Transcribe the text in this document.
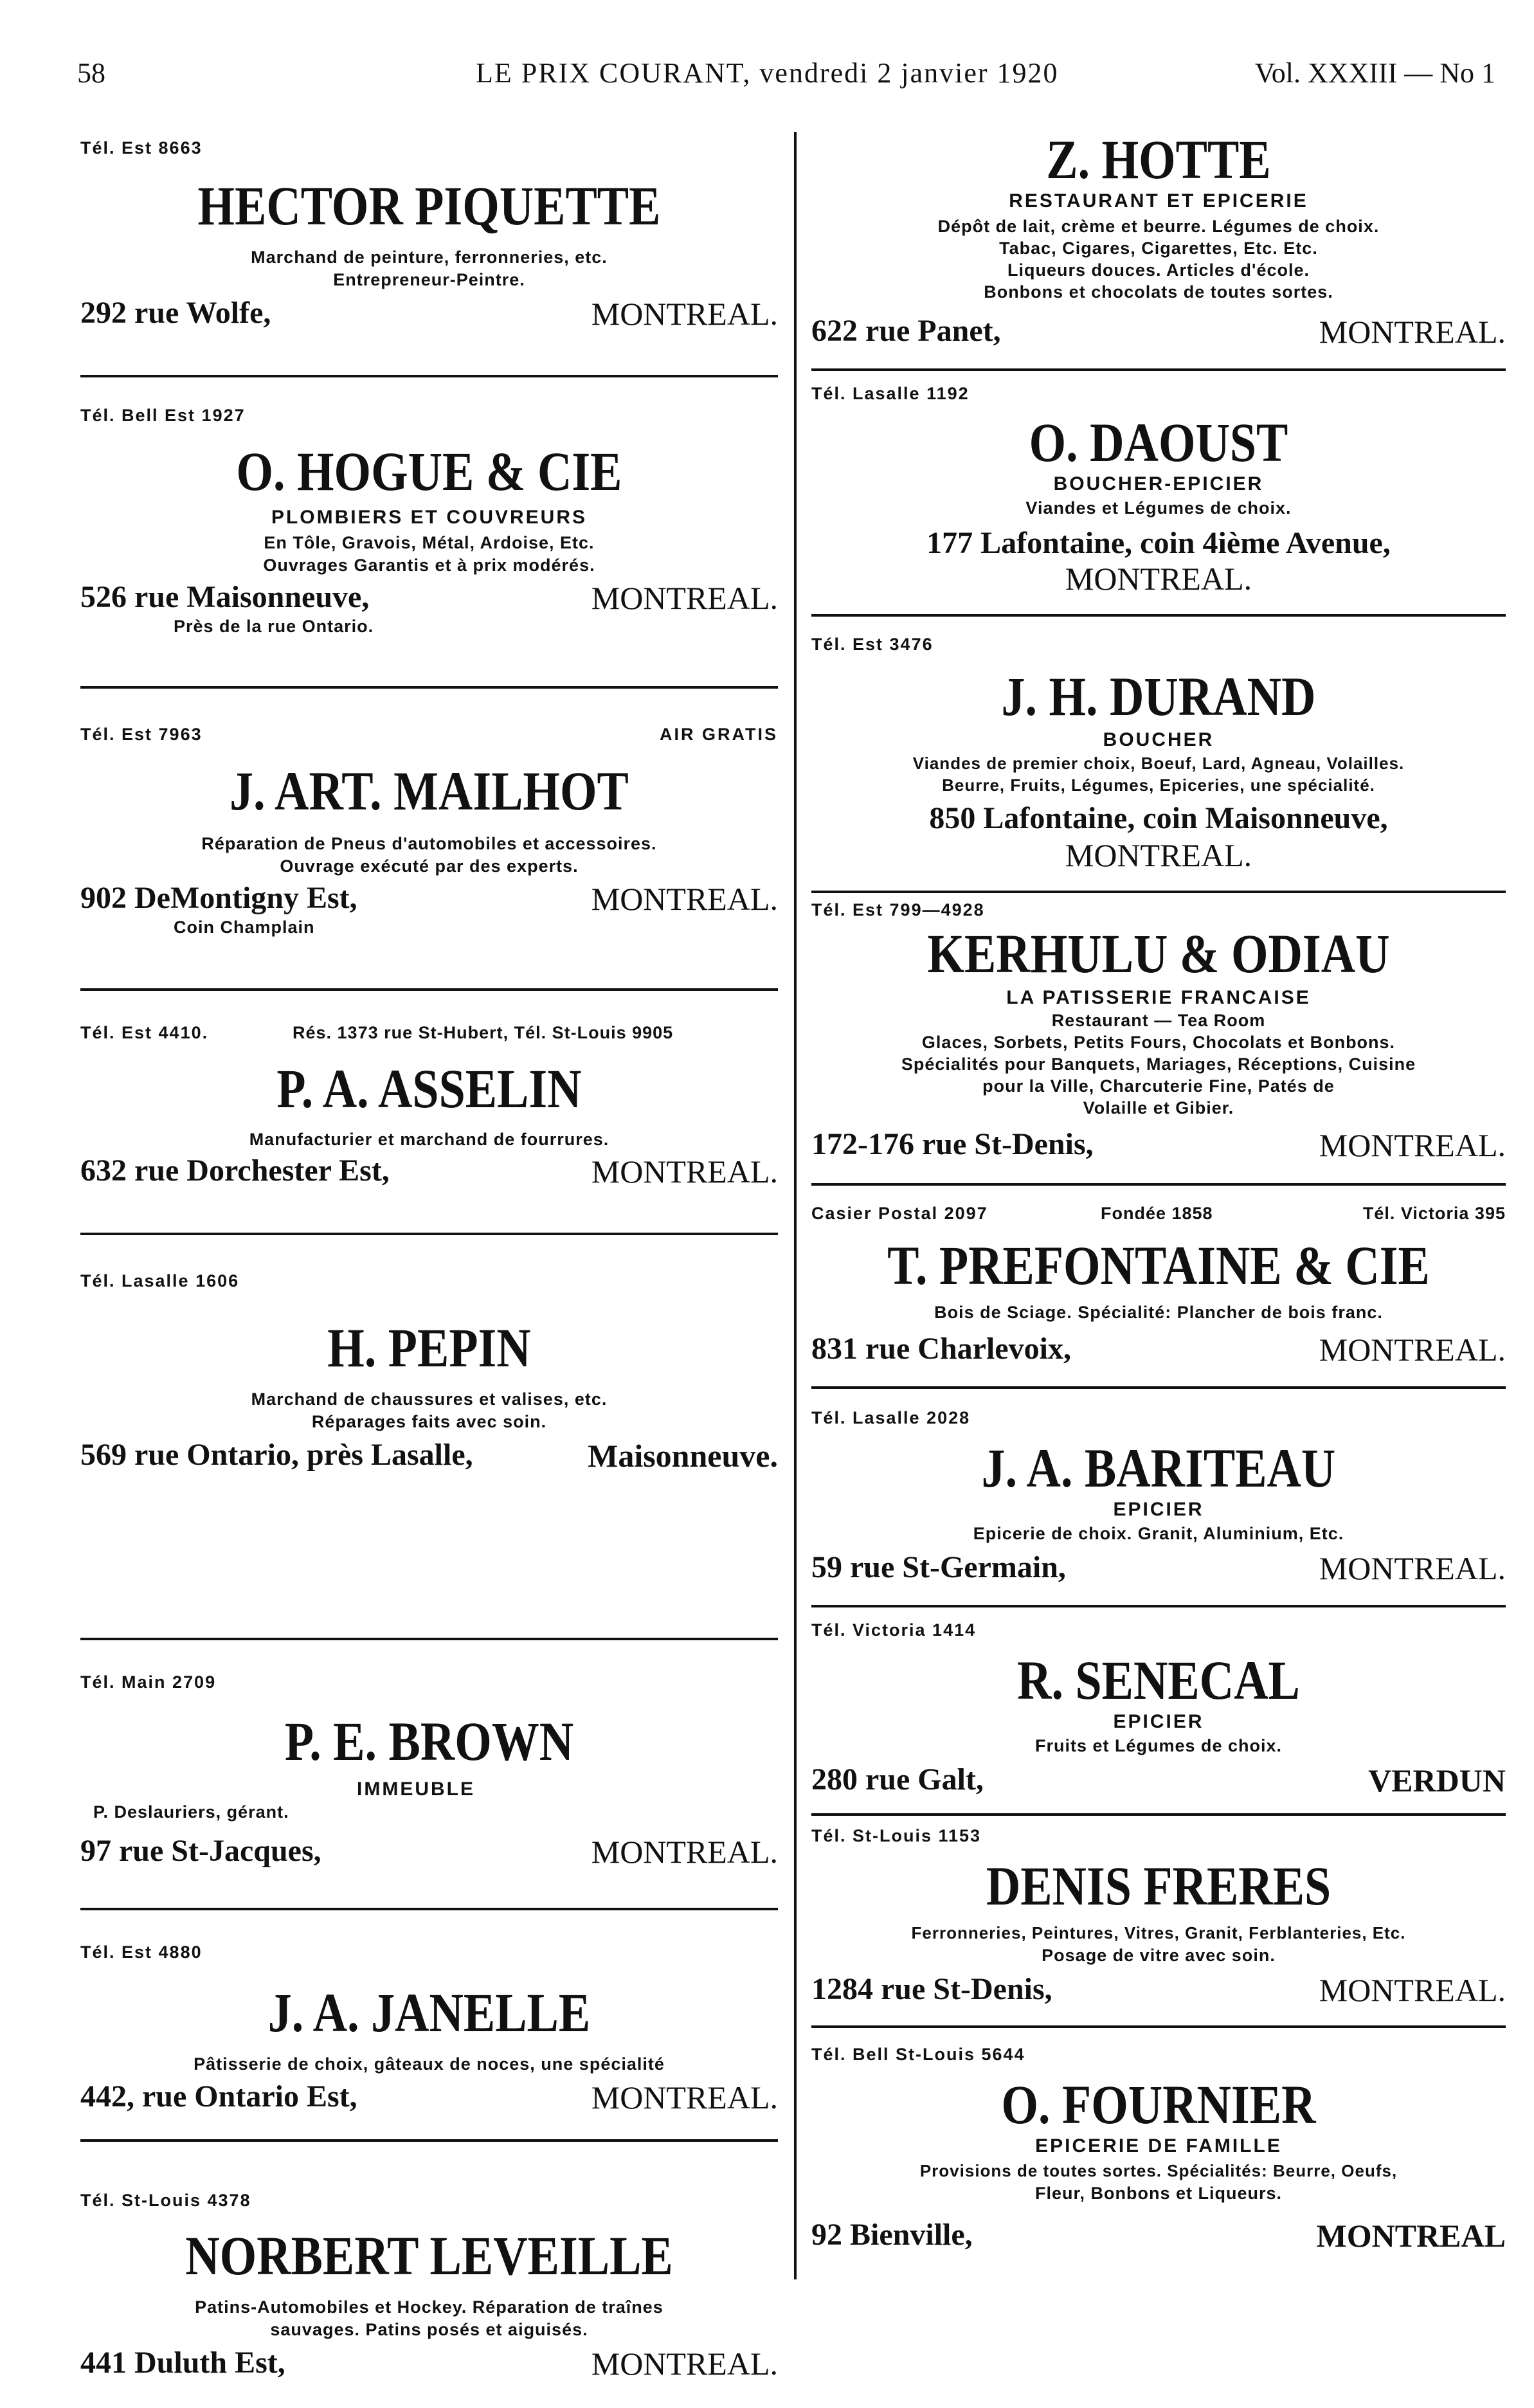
58	LE PRIX COURANT, vendredi 2 janvier 1920	Vol. XXXIII — No 1
Tél. Est 8663
HECTOR PIQUETTE
Marchand de peinture, ferronneries, etc.
Entrepreneur-Peintre.
292 rue Wolfe,	MONTREAL.
Tél. Bell Est 1927
O. HOGUE & CIE
PLOMBIERS ET COUVREURS
En Tôle, Gravois, Métal, Ardoise, Etc.
Ouvrages Garantis et à prix modérés.
526 rue Maisonneuve,	MONTREAL.
Près de la rue Ontario.
Tél. Est 7963	AIR GRATIS
J. ART. MAILHOT
Réparation de Pneus d'automobiles et accessoires.
Ouvrage exécuté par des experts.
902 DeMontigny Est,	MONTREAL.
Coin Champlain
Tél. Est 4410.	Rés. 1373 rue St-Hubert, Tél. St-Louis 9905
P. A. ASSELIN
Manufacturier et marchand de fourrures.
632 rue Dorchester Est,	MONTREAL.
Tél. Lasalle 1606
H. PEPIN
Marchand de chaussures et valises, etc.
Réparages faits avec soin.
569 rue Ontario, près Lasalle,	Maisonneuve.
Tél. Main 2709
P. E. BROWN
IMMEUBLE
P. Deslauriers, gérant.
97 rue St-Jacques,	MONTREAL.
Tél. Est 4880
J. A. JANELLE
Pâtisserie de choix, gâteaux de noces, une spécialité
442, rue Ontario Est,	MONTREAL.
Tél. St-Louis 4378
NORBERT LEVEILLE
Patins-Automobiles et Hockey. Réparation de traînes
sauvages. Patins posés et aiguisés.
441 Duluth Est,	MONTREAL.
Z. HOTTE
RESTAURANT ET EPICERIE
Dépôt de lait, crème et beurre. Légumes de choix.
Tabac, Cigares, Cigarettes, Etc. Etc.
Liqueurs douces. Articles d'école.
Bonbons et chocolats de toutes sortes.
622 rue Panet,	MONTREAL.
Tél. Lasalle 1192
O. DAOUST
BOUCHER-EPICIER
Viandes et Légumes de choix.
177 Lafontaine, coin 4ième Avenue,
MONTREAL.
Tél. Est 3476
J. H. DURAND
BOUCHER
Viandes de premier choix, Boeuf, Lard, Agneau, Volailles.
Beurre, Fruits, Légumes, Epiceries, une spécialité.
850 Lafontaine, coin Maisonneuve,
MONTREAL.
Tél. Est 799—4928
KERHULU & ODIAU
LA PATISSERIE FRANCAISE
Restaurant — Tea Room
Glaces, Sorbets, Petits Fours, Chocolats et Bonbons.
Spécialités pour Banquets, Mariages, Réceptions, Cuisine
pour la Ville, Charcuterie Fine, Patés de
Volaille et Gibier.
172-176 rue St-Denis,	MONTREAL.
Casier Postal 2097	Fondée 1858	Tél. Victoria 395
T. PREFONTAINE & CIE
Bois de Sciage. Spécialité: Plancher de bois franc.
831 rue Charlevoix,	MONTREAL.
Tél. Lasalle 2028
J. A. BARITEAU
EPICIER
Epicerie de choix. Granit, Aluminium, Etc.
59 rue St-Germain,	MONTREAL.
Tél. Victoria 1414
R. SENECAL
EPICIER
Fruits et Légumes de choix.
280 rue Galt,	VERDUN
Tél. St-Louis 1153
DENIS FRERES
Ferronneries, Peintures, Vitres, Granit, Ferblanteries, Etc.
Posage de vitre avec soin.
1284 rue St-Denis,	MONTREAL.
Tél. Bell St-Louis 5644
O. FOURNIER
EPICERIE DE FAMILLE
Provisions de toutes sortes. Spécialités: Beurre, Oeufs,
Fleur, Bonbons et Liqueurs.
92 Bienville,	MONTREAL
